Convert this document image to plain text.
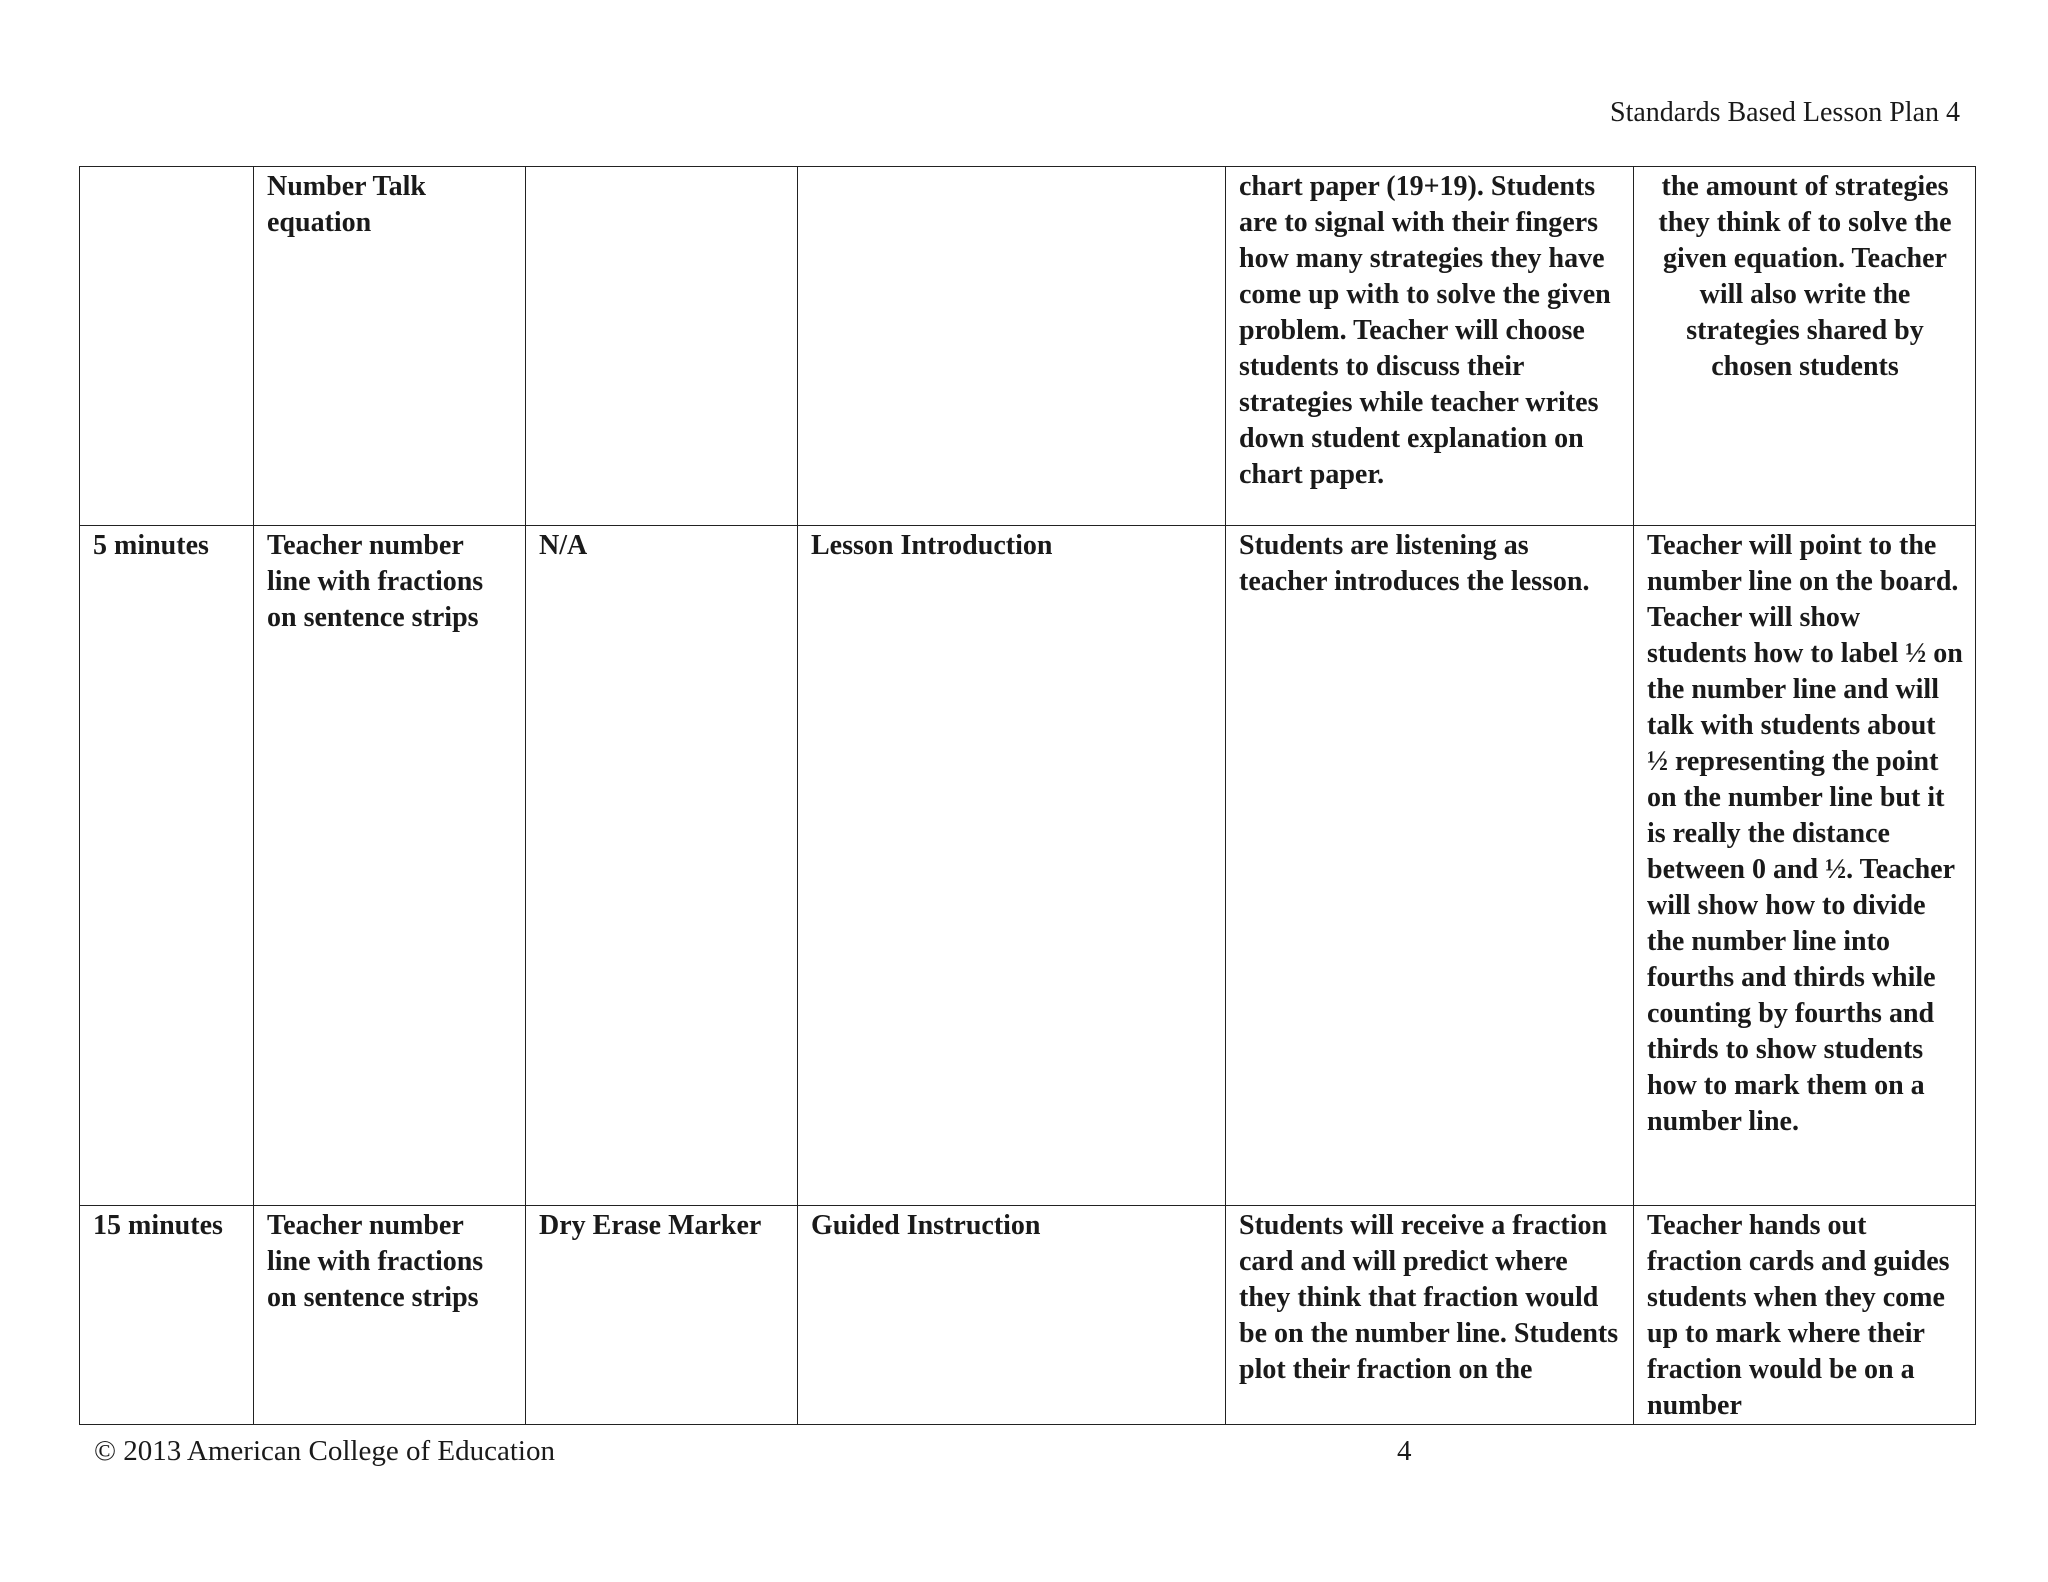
Standards Based Lesson Plan 4
	Number Talk equation			chart paper (19+19). Students are to signal with their fingers how many strategies they have come up with to solve the given problem. Teacher will choose students to discuss their strategies while teacher writes down student explanation on chart paper.	the amount of strategies they think of to solve the given equation. Teacher will also write the strategies shared by chosen students
5 minutes	Teacher number line with fractions on sentence strips	N/A	Lesson Introduction	Students are listening as teacher introduces the lesson.	Teacher will point to the number line on the board. Teacher will show students how to label ½ on the number line and will talk with students about ½ representing the point on the number line but it is really the distance between 0 and ½. Teacher will show how to divide the number line into fourths and thirds while counting by fourths and thirds to show students how to mark them on a number line.
15 minutes	Teacher number line with fractions on sentence strips	Dry Erase Marker	Guided Instruction	Students will receive a fraction card and will predict where they think that fraction would be on the number line. Students plot their fraction on the	Teacher hands out fraction cards and guides students when they come up to mark where their fraction would be on a number
© 2013 American College of Education	4
